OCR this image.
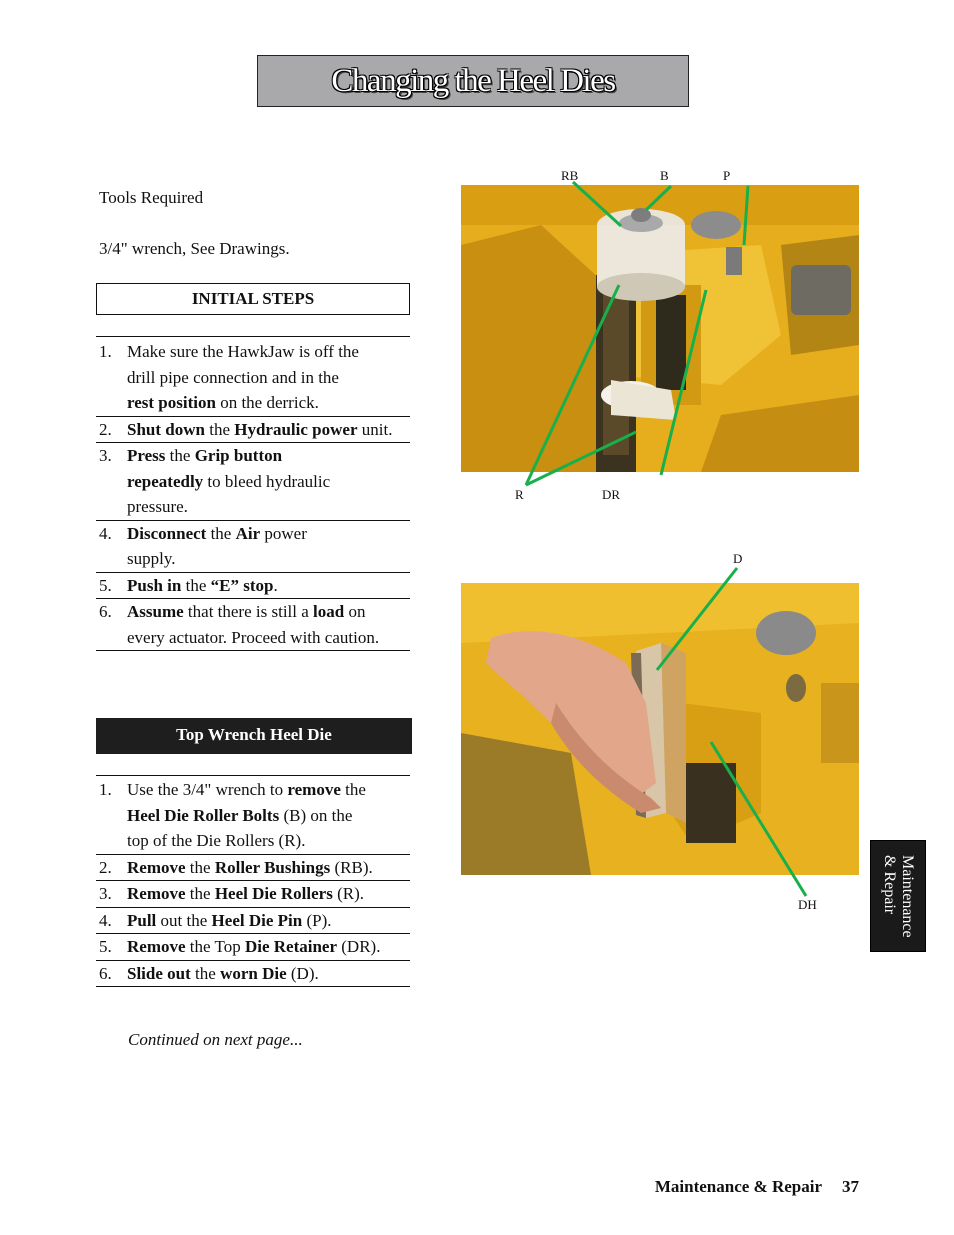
Changing the Heel Dies
Tools Required
3/4" wrench, See Drawings.
INITIAL STEPS
1. Make sure the HawkJaw is off the drill pipe connection and in the rest position on the derrick.
2. Shut down the Hydraulic power unit.
3. Press the Grip button repeatedly to bleed hydraulic pressure.
4. Disconnect the Air power supply.
5. Push in the “E” stop.
6. Assume that there is still a load on every actuator. Proceed with caution.
Top Wrench Heel Die
1. Use the 3/4" wrench to remove the Heel Die Roller Bolts (B) on the top of the Die Rollers (R).
2. Remove the Roller Bushings (RB).
3. Remove the Heel Die Rollers (R).
4. Pull out the Heel Die Pin (P).
5. Remove the Top Die Retainer (DR).
6. Slide out the worn Die (D).
Continued on next page...
RB	B	P
R	DR
D
DH	Maintenance
& Repair
Maintenance & Repair 37
